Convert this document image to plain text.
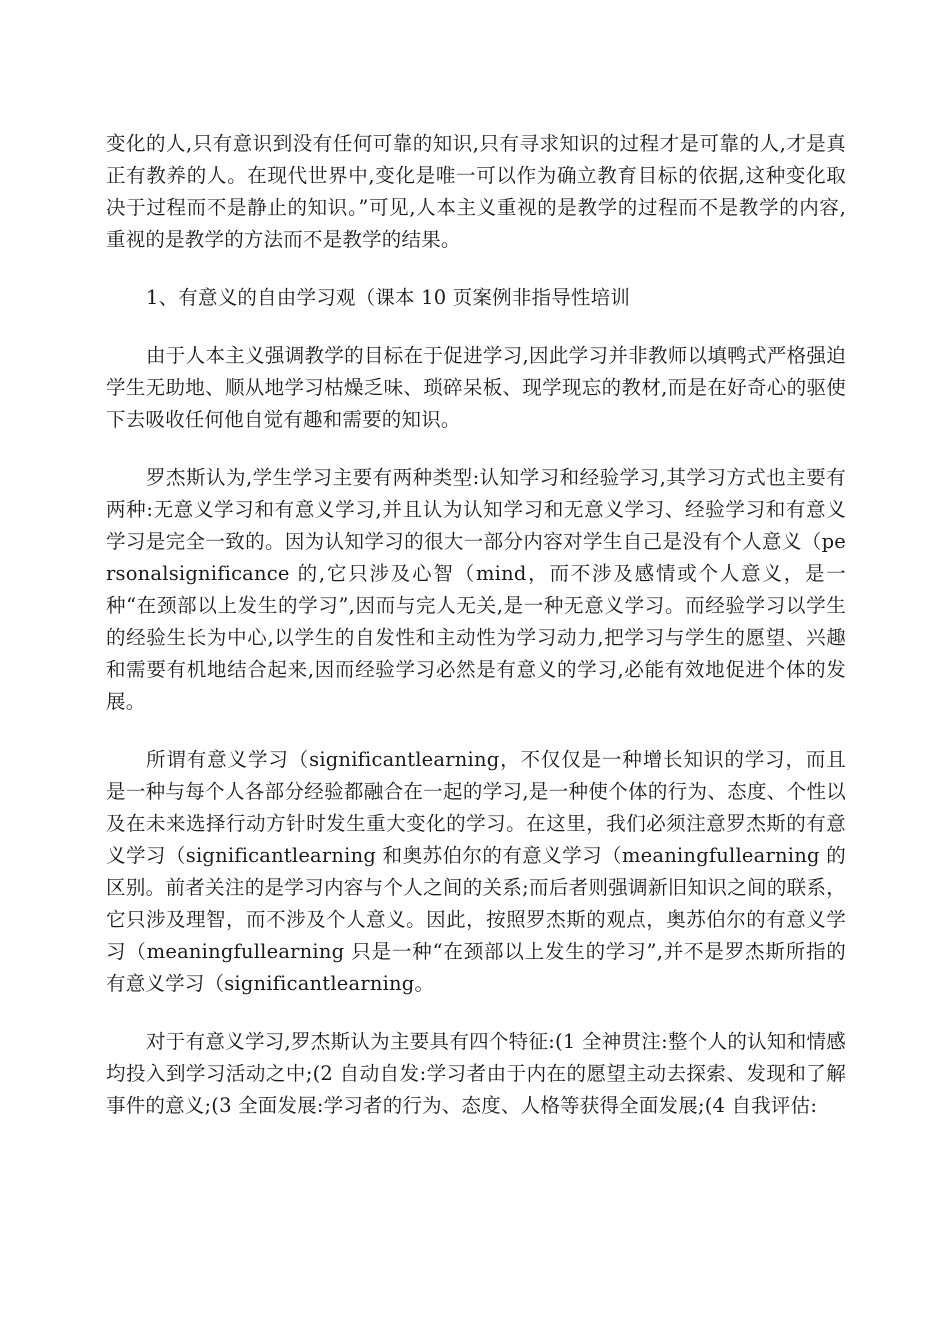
变化的人,只有意识到没有任何可靠的知识,只有寻求知识的过程才是可靠的人,才是真正有教养的人。在现代世界中,变化是唯一可以作为确立教育目标的依据,这种变化取决于过程而不是静止的知识。”可见,人本主义重视的是教学的过程而不是教学的内容,重视的是教学的方法而不是教学的结果。

1、有意义的自由学习观（课本 10 页案例非指导性培训

由于人本主义强调教学的目标在于促进学习,因此学习并非教师以填鸭式严格强迫学生无助地、顺从地学习枯燥乏味、琐碎呆板、现学现忘的教材,而是在好奇心的驱使下去吸收任何他自觉有趣和需要的知识。

罗杰斯认为,学生学习主要有两种类型:认知学习和经验学习,其学习方式也主要有两种:无意义学习和有意义学习,并且认为认知学习和无意义学习、经验学习和有意义学习是完全一致的。因为认知学习的很大一部分内容对学生自己是没有个人意义（personalsignificance 的,它只涉及心智（mind，而不涉及感情或个人意义，是一种“在颈部以上发生的学习”,因而与完人无关,是一种无意义学习。而经验学习以学生的经验生长为中心,以学生的自发性和主动性为学习动力,把学习与学生的愿望、兴趣和需要有机地结合起来,因而经验学习必然是有意义的学习,必能有效地促进个体的发展。

所谓有意义学习（significantlearning，不仅仅是一种增长知识的学习，而且是一种与每个人各部分经验都融合在一起的学习,是一种使个体的行为、态度、个性以及在未来选择行动方针时发生重大变化的学习。在这里，我们必须注意罗杰斯的有意义学习（significantlearning 和奥苏伯尔的有意义学习（meaningfullearning 的区别。前者关注的是学习内容与个人之间的关系;而后者则强调新旧知识之间的联系，它只涉及理智，而不涉及个人意义。因此，按照罗杰斯的观点，奥苏伯尔的有意义学习（meaningfullearning 只是一种“在颈部以上发生的学习”,并不是罗杰斯所指的有意义学习（significantlearning。

对于有意义学习,罗杰斯认为主要具有四个特征:(1 全神贯注:整个人的认知和情感均投入到学习活动之中;(2 自动自发:学习者由于内在的愿望主动去探索、发现和了解事件的意义;(3 全面发展:学习者的行为、态度、人格等获得全面发展;(4 自我评估:
